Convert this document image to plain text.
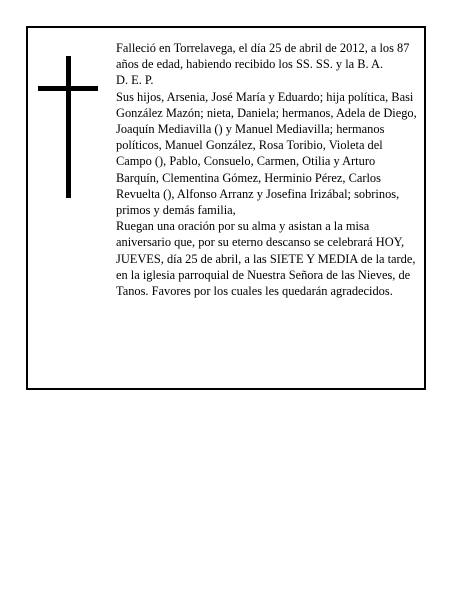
Falleció en Torrelavega, el día 25 de abril de 2012, a los 87 años de edad, habiendo recibido los SS. SS. y la B. A.

D. E. P.

Sus hijos, Arsenia, José María y Eduardo; hija política, Basi González Mazón; nieta, Daniela; hermanos, Adela de Diego, Joaquín Mediavilla () y Manuel Mediavilla; hermanos políticos, Manuel González, Rosa Toribio, Violeta del Campo (), Pablo, Consuelo, Carmen, Otilia y Arturo Barquín, Clementina Gómez, Herminio Pérez, Carlos Revuelta (), Alfonso Arranz y Josefina Irizábal; sobrinos, primos y demás familia,

Ruegan una oración por su alma y asistan a la misa aniversario que, por su eterno descanso se celebrará HOY, JUEVES, día 25 de abril, a las SIETE Y MEDIA de la tarde, en la iglesia parroquial de Nuestra Señora de las Nieves, de Tanos. Favores por los cuales les quedarán agradecidos.
